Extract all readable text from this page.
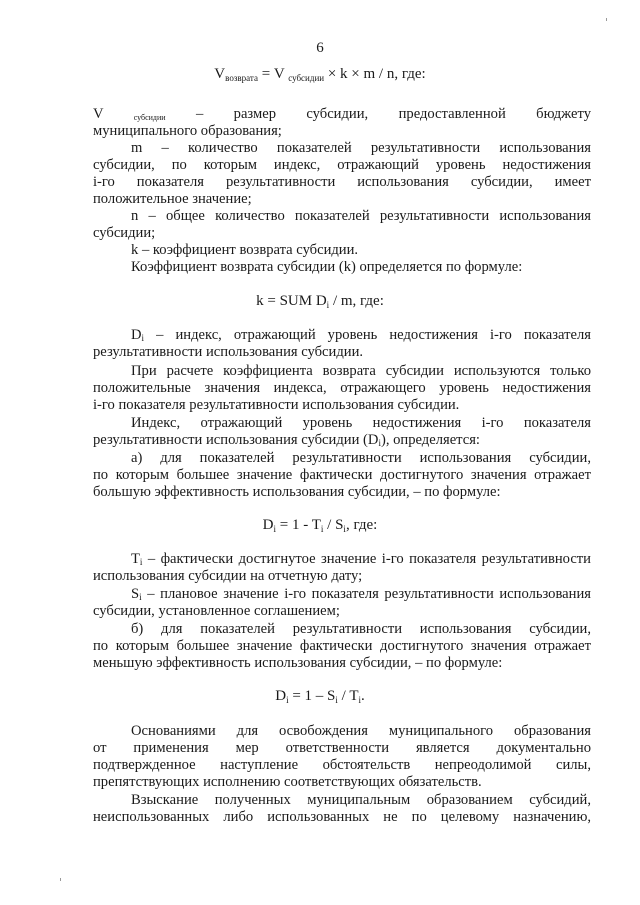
6
$V_{возврата} = V$ $_{субсидии}$ × k × m / n, где:
V	субсидии – размер субсидии, предоставленной бюджету
муниципального образования;
m – количество показателей результативности использования
субсидии, по которым индекс, отражающий уровень недостижения
i-го показателя результативности использования субсидии, имеет
положительное значение;
n – общее количество показателей результативности использования
субсидии;
k – коэффициент возврата субсидии.
Коэффициент возврата субсидии (k) определяется по формуле:
k = SUM $D_i$ / m, где:
$D_i$ – индекс, отражающий уровень недостижения i-го показателя
результативности использования субсидии.
При расчете коэффициента возврата субсидии используются только
положительные значения индекса, отражающего уровень недостижения
i-го показателя результативности использования субсидии.
Индекс, отражающий уровень недостижения i-го показателя
результативности использования субсидии $(D_i)$, определяется:
а) для показателей результативности использования субсидии,
по которым большее значение фактически достигнутого значения отражает
большую эффективность использования субсидии, – по формуле:
$D_i = 1 - T_i / S_i$, где:
$T_i$ – фактически достигнутое значение i-го показателя результативности
использования субсидии на отчетную дату;
$S_i$ – плановое значение i-го показателя результативности использования
субсидии, установленное соглашением;
б) для показателей результативности использования субсидии,
по которым большее значение фактически достигнутого значения отражает
меньшую эффективность использования субсидии, – по формуле:
$D_i = 1 - S_i / T_i$.
Основаниями для освобождения муниципального образования
от применения мер ответственности является документально
подтвержденное наступление обстоятельств непреодолимой силы,
препятствующих исполнению соответствующих обязательств.
Взыскание полученных муниципальным образованием субсидий,
неиспользованных либо использованных не по целевому назначению,
